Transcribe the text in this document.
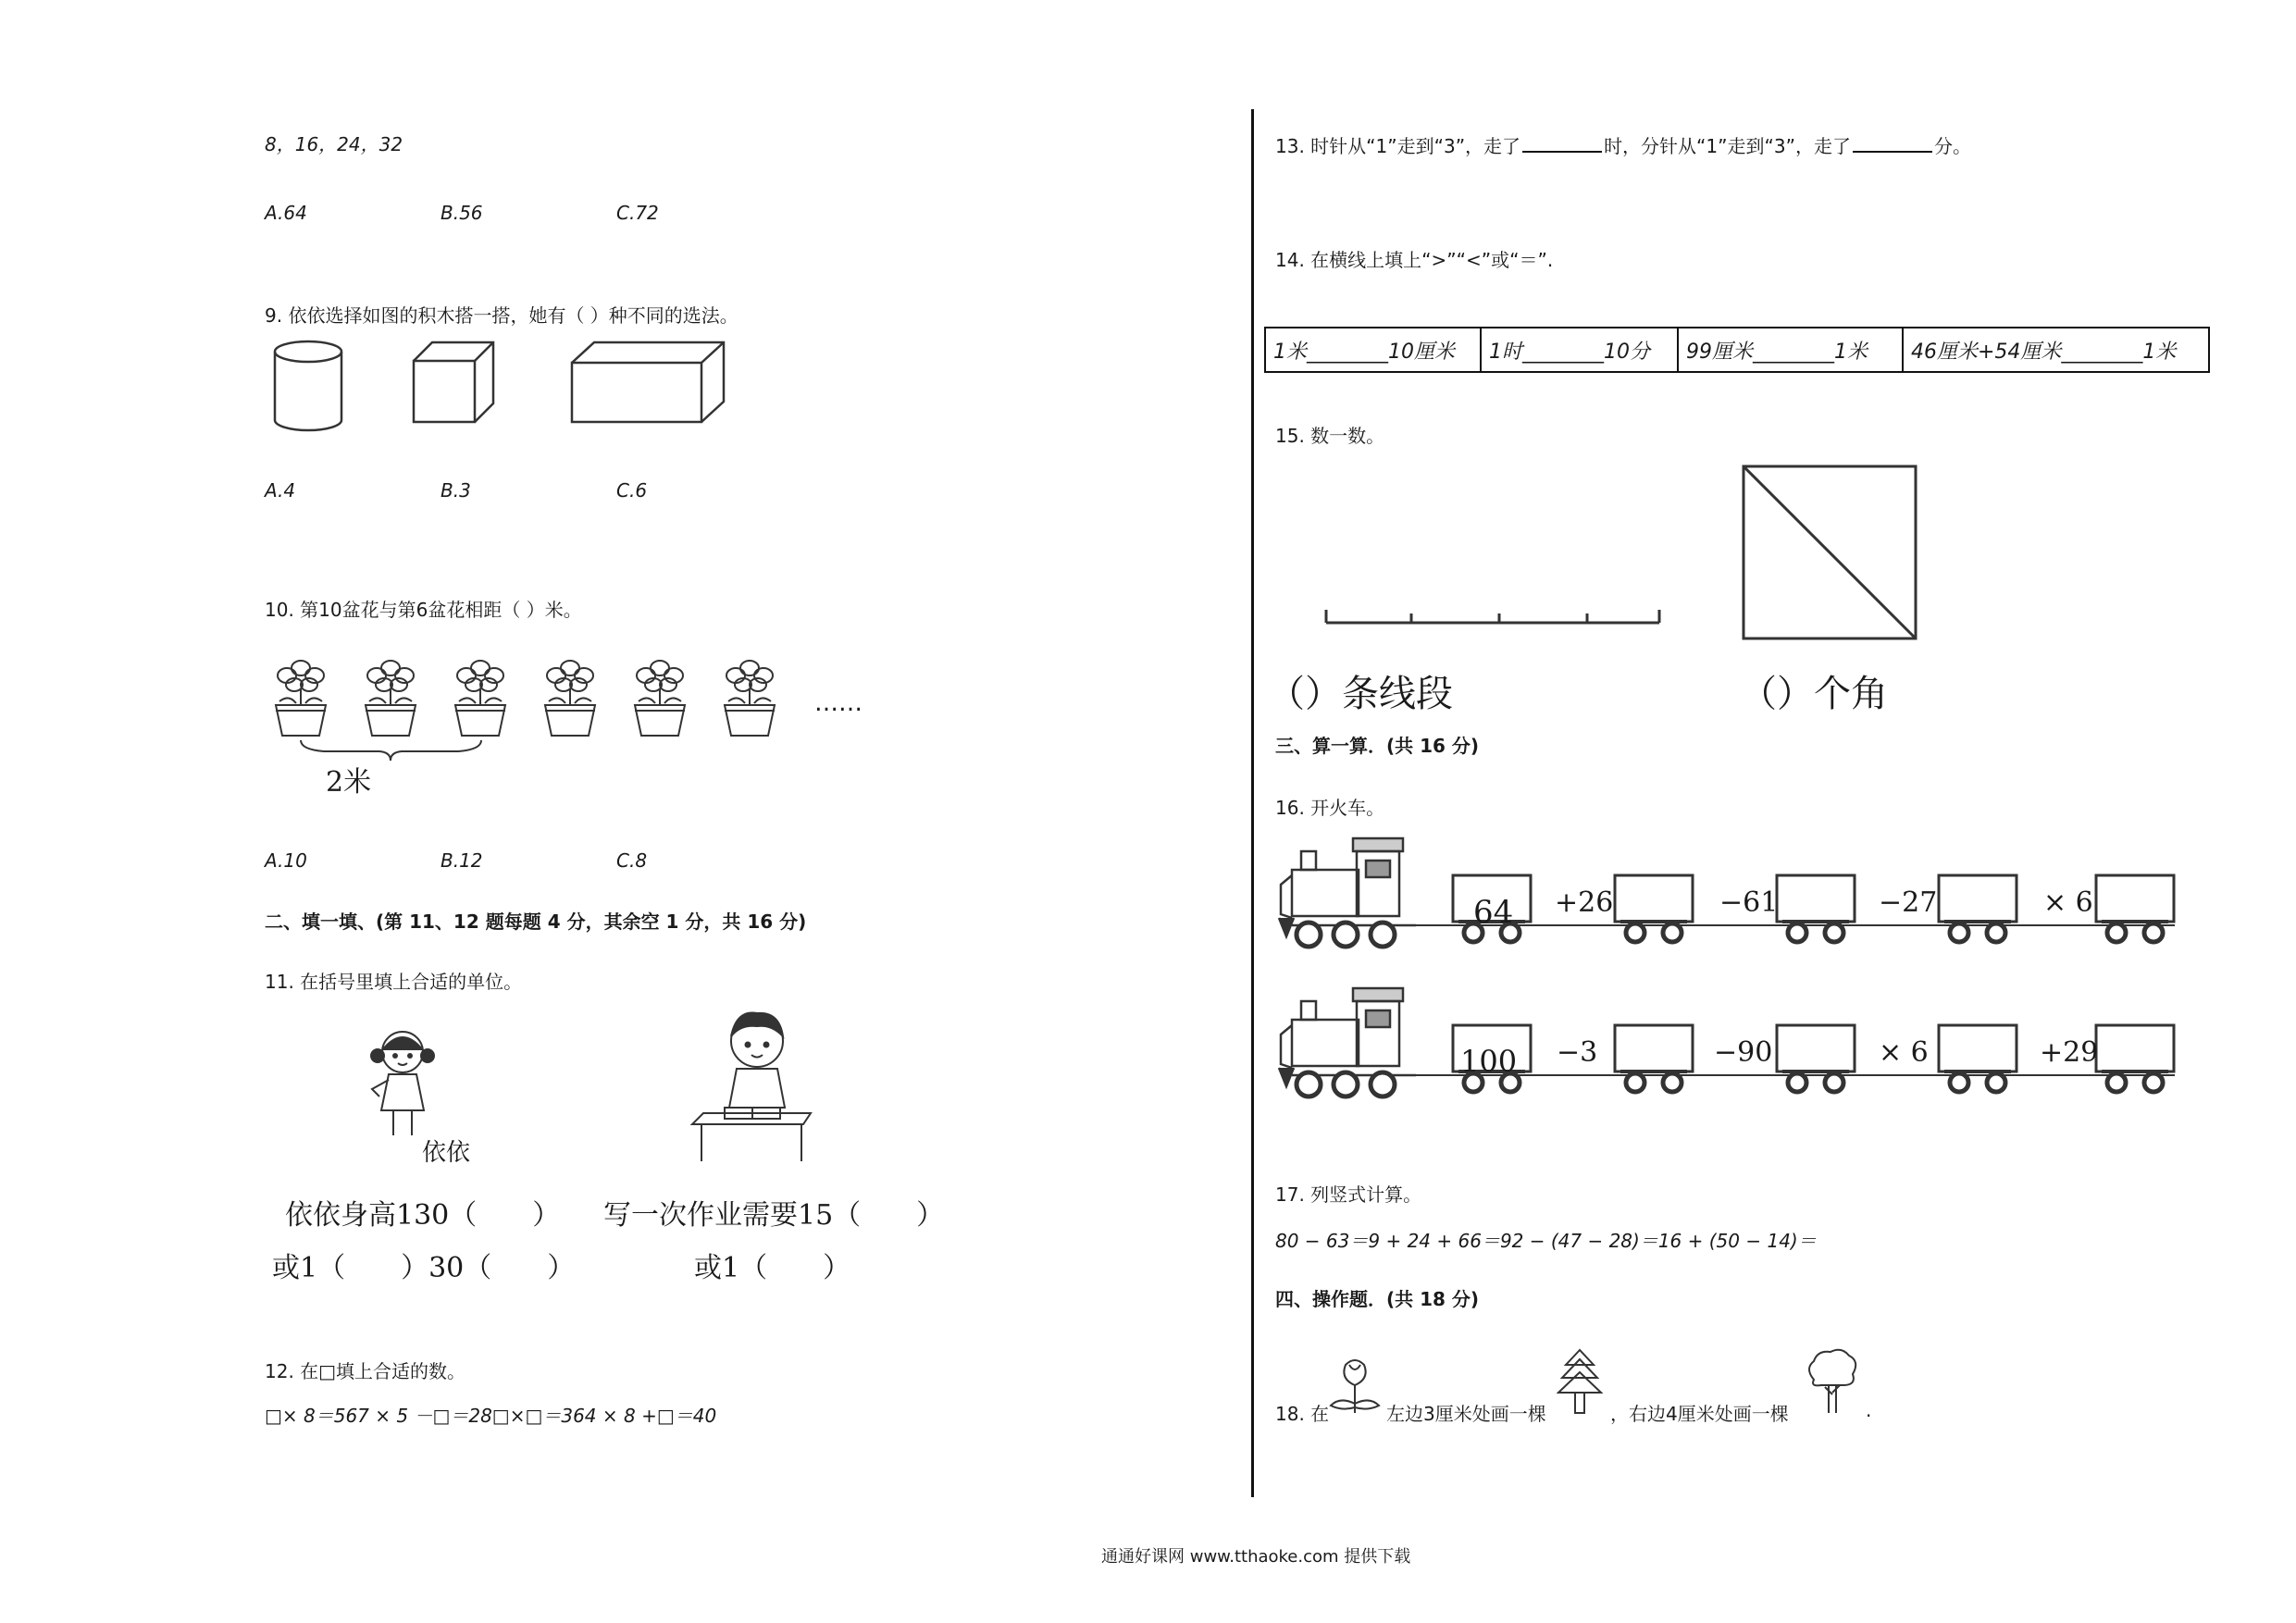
8，16，24，32
A.64	B.56	C.72
9. 依依选择如图的积木搭一搭，她有（ ）种不同的选法。
A.4	B.3	C.6
10. 第10盆花与第6盆花相距（ ）米。
2米
……
A.10	B.12	C.8
二、填一填、(第 11、12 题每题 4 分，其余空 1 分，共 16 分)
11. 在括号里填上合适的单位。
依依
依依身高130（　　） 写一次作业需要15（　　）
或1（　　）30（　　）	或1（　　）
12. 在□填上合适的数。
□× 8＝567 × 5 －□＝28□×□＝364 × 8 +□＝40
13. 时针从“1”走到“3”，走了	时，分针从“1”走到“3”，走了	分。
14. 在横线上填上“>”“<”或“＝”.
1米________10厘米	1时________10分	99厘米________1米	46厘米+54厘米________1米
15. 数一数。
（）条线段	（）个角
三、算一算．(共 16 分)
16. 开火车。
64 +26	−61	−27	× 6
100 −3	−90	× 6	+29
17. 列竖式计算。
80 − 63＝9 + 24 + 66＝92 − (47 − 28)＝16 + (50 − 14)＝
四、操作题．(共 18 分)
18. 在	左边3厘米处画一棵	，右边4厘米处画一棵	.
通通好课网 www.tthaoke.com 提供下载
